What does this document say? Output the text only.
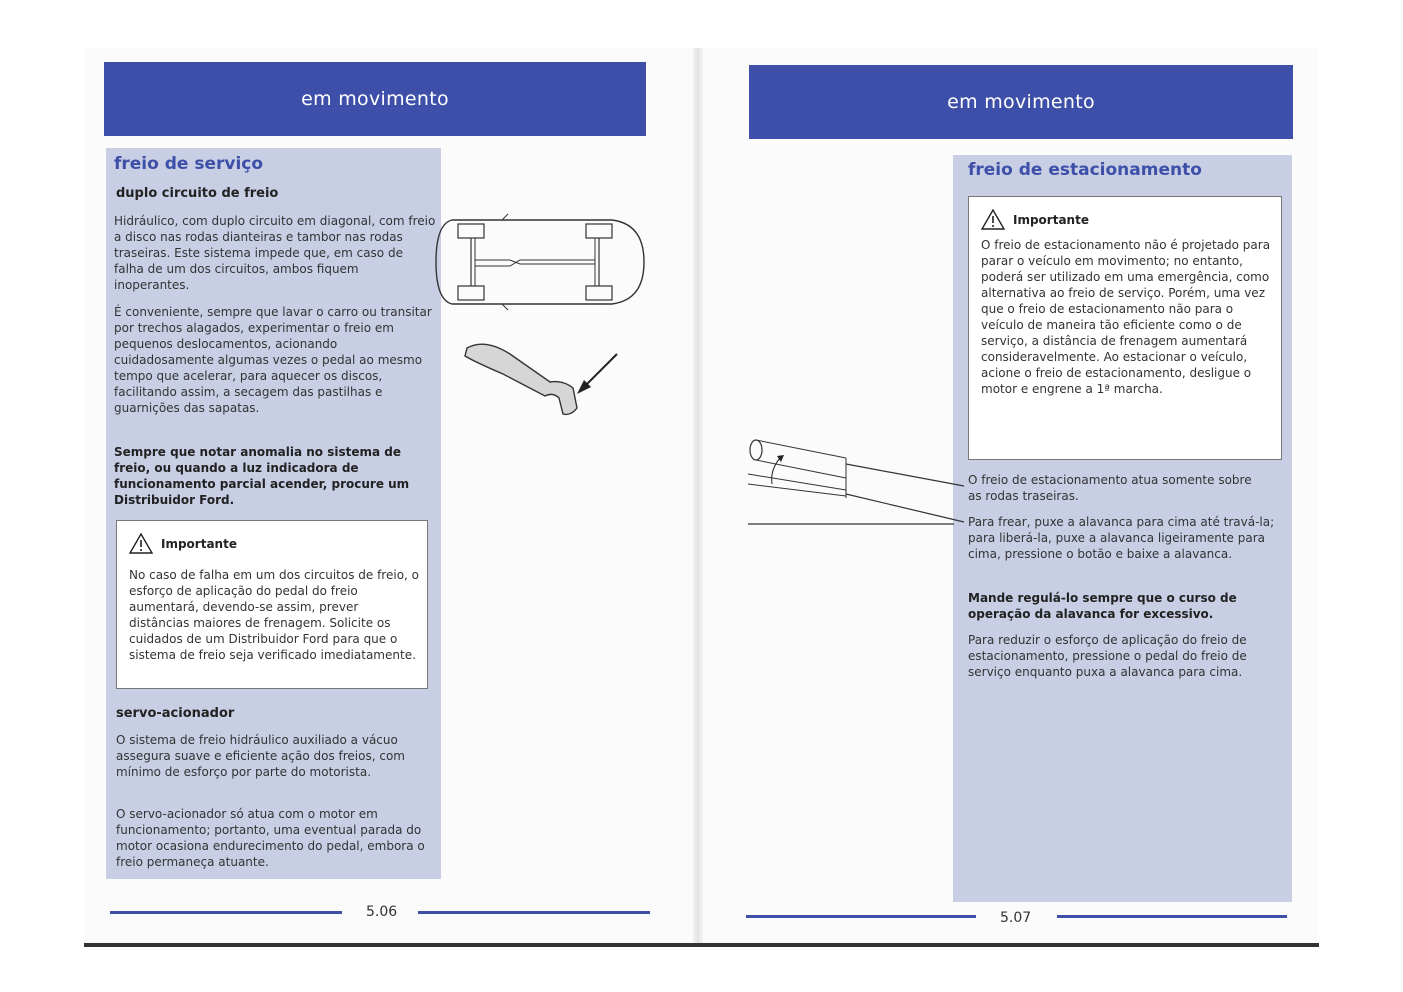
em movimento
freio de serviço
duplo circuito de freio

Hidráulico, com duplo circuito em diagonal, com freio a disco nas rodas dianteiras e tambor nas rodas traseiras. Este sistema impede que, em caso de falha de um dos circuitos, ambos fiquem inoperantes.

É conveniente, sempre que lavar o carro ou transitar por trechos alagados, experimentar o freio em pequenos deslocamentos, acionando cuidadosamente algumas vezes o pedal ao mesmo tempo que acelerar, para aquecer os discos, facilitando assim, a secagem das pastilhas e guarnições das sapatas.

Sempre que notar anomalia no sistema de freio, ou quando a luz indicadora de funcionamento parcial acender, procure um Distribuidor Ford.

Importante

No caso de falha em um dos circuitos de freio, o esforço de aplicação do pedal do freio aumentará, devendo-se assim, prever distâncias maiores de frenagem. Solicite os cuidados de um Distribuidor Ford para que o sistema de freio seja verificado imediatamente.

servo-acionador

O sistema de freio hidráulico auxiliado a vácuo assegura suave e eficiente ação dos freios, com mínimo de esforço por parte do motorista.

O servo-acionador só atua com o motor em funcionamento; portanto, uma eventual parada do motor ocasiona endurecimento do pedal, embora o freio permaneça atuante.

5.06
em movimento
freio de estacionamento
Importante

O freio de estacionamento não é projetado para parar o veículo em movimento; no entanto, poderá ser utilizado em uma emergência, como alternativa ao freio de serviço. Porém, uma vez que o freio de estacionamento não para o veículo de maneira tão eficiente como o de serviço, a distância de frenagem aumentará consideravelmente. Ao estacionar o veículo, acione o freio de estacionamento, desligue o motor e engrene a 1ª marcha.

O freio de estacionamento atua somente sobre as rodas traseiras.

Para frear, puxe a alavanca para cima até travá-la; para liberá-la, puxe a alavanca ligeiramente para cima, pressione o botão e baixe a alavanca.

Mande regulá-lo sempre que o curso de operação da alavanca for excessivo.

Para reduzir o esforço de aplicação do freio de estacionamento, pressione o pedal do freio de serviço enquanto puxa a alavanca para cima.

5.07
